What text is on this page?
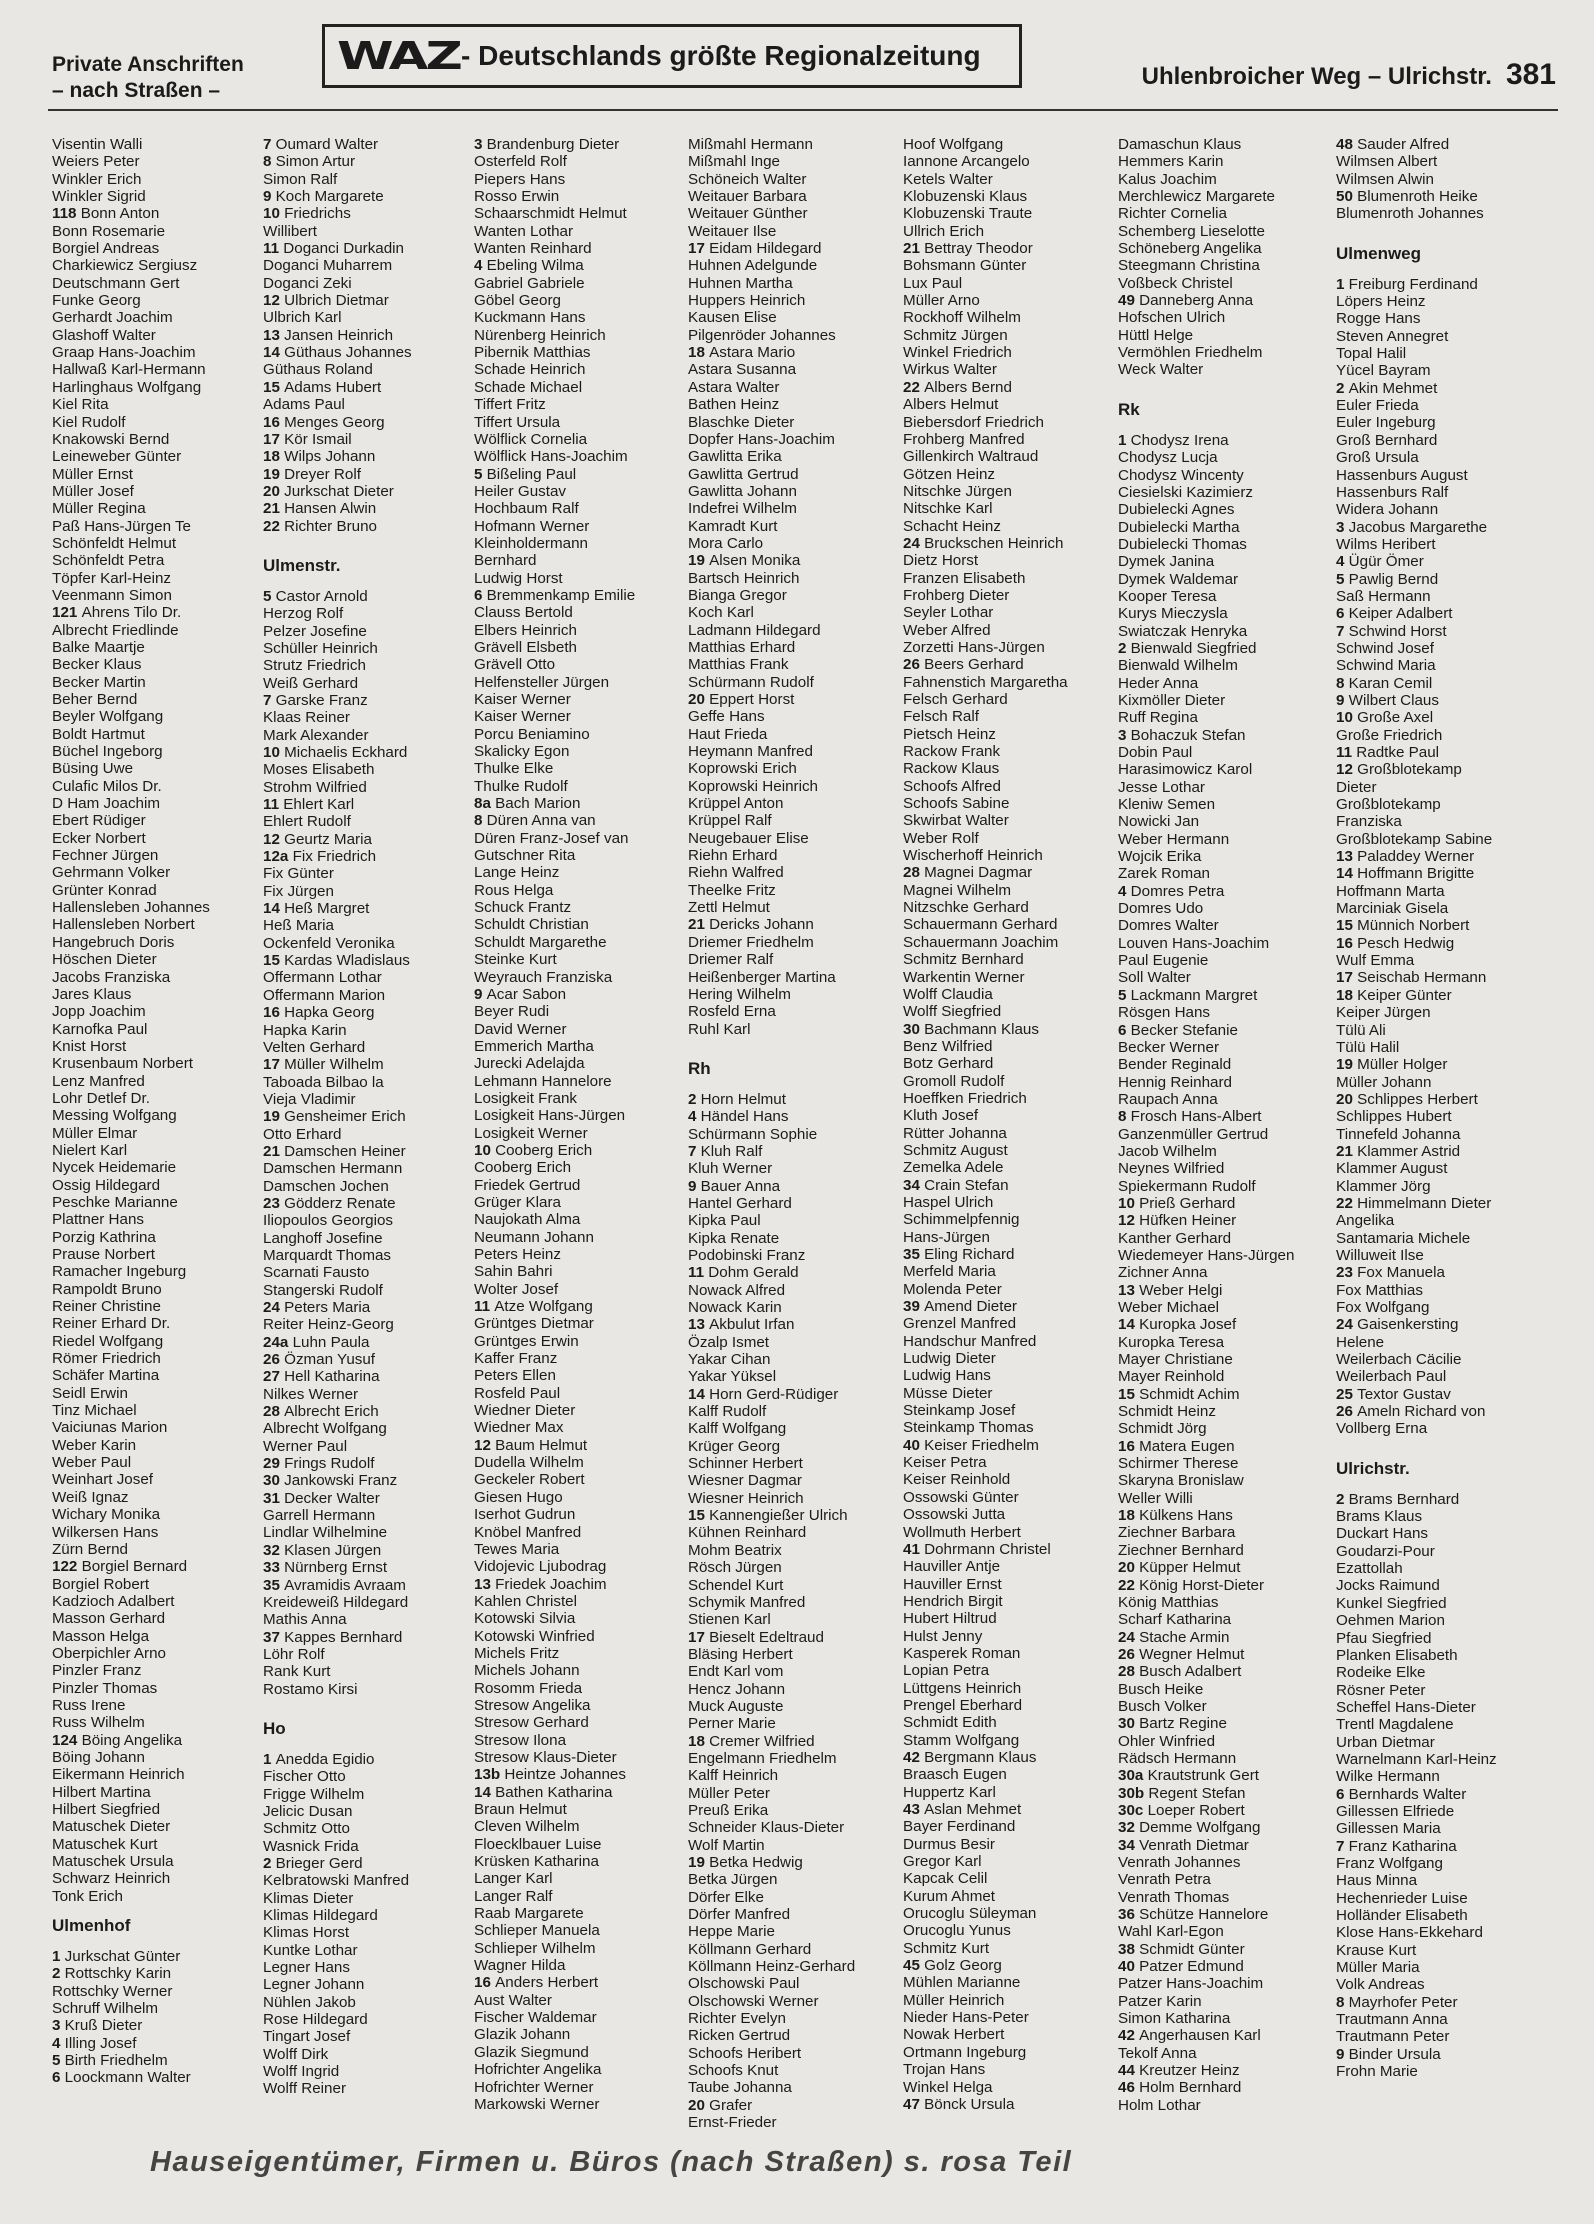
Private Anschriften
– nach Straßen –
WAZ - Deutschlands größte Regionalzeitung
Uhlenbroicher Weg – Ulrichstr. 381
Visentin Walli
Weiers Peter
Winkler Erich
Winkler Sigrid
118 Bonn Anton
Bonn Rosemarie
Borgiel Andreas
Charkiewicz Sergiusz
Deutschmann Gert
Funke Georg
Gerhardt Joachim
Glashoff Walter
Graap Hans-Joachim
Hallwaß Karl-Hermann
Harlinghaus Wolfgang
Kiel Rita
Kiel Rudolf
Knakowski Bernd
Leineweber Günter
Müller Ernst
Müller Josef
Müller Regina
Paß Hans-Jürgen Te
Schönfeldt Helmut
Schönfeldt Petra
Töpfer Karl-Heinz
Veenmann Simon
121 Ahrens Tilo Dr.
Albrecht Friedlinde
Balke Maartje
Becker Klaus
Becker Martin
Beher Bernd
Beyler Wolfgang
Boldt Hartmut
Büchel Ingeborg
Büsing Uwe
Culafic Milos Dr.
D Ham Joachim
Ebert Rüdiger
Ecker Norbert
Fechner Jürgen
Gehrmann Volker
Grünter Konrad
Hallensleben Johannes
Hallensleben Norbert
Hangebruch Doris
Höschen Dieter
Jacobs Franziska
Jares Klaus
Jopp Joachim
Karnofka Paul
Knist Horst
Krusenbaum Norbert
Lenz Manfred
Lohr Detlef Dr.
Messing Wolfgang
Müller Elmar
Nielert Karl
Nycek Heidemarie
Ossig Hildegard
Peschke Marianne
Plattner Hans
Porzig Kathrina
Prause Norbert
Ramacher Ingeburg
Rampoldt Bruno
Reiner Christine
Reiner Erhard Dr.
Riedel Wolfgang
Römer Friedrich
Schäfer Martina
Seidl Erwin
Tinz Michael
Vaiciunas Marion
Weber Karin
Weber Paul
Weinhart Josef
Weiß Ignaz
Wichary Monika
Wilkersen Hans
Zürn Bernd
122 Borgiel Bernard
Borgiel Robert
Kadzioch Adalbert
Masson Gerhard
Masson Helga
Oberpichler Arno
Pinzler Franz
Pinzler Thomas
Russ Irene
Russ Wilhelm
124 Böing Angelika
Böing Johann
Eikermann Heinrich
Hilbert Martina
Hilbert Siegfried
Matuschek Dieter
Matuschek Kurt
Matuschek Ursula
Schwarz Heinrich
Tonk Erich
Ulmenhof
1 Jurkschat Günter
2 Rottschky Karin
Rottschky Werner
Schruff Wilhelm
3 Kruß Dieter
4 Illing Josef
5 Birth Friedhelm
6 Loockmann Walter
7 Oumard Walter
8 Simon Artur
Simon Ralf
9 Koch Margarete
10 Friedrichs
Willibert
11 Doganci Durkadin
Doganci Muharrem
Doganci Zeki
12 Ulbrich Dietmar
Ulbrich Karl
13 Jansen Heinrich
14 Güthaus Johannes
Güthaus Roland
15 Adams Hubert
Adams Paul
16 Menges Georg
17 Kör Ismail
18 Wilps Johann
19 Dreyer Rolf
20 Jurkschat Dieter
21 Hansen Alwin
22 Richter Bruno
Ulmenstr.
5 Castor Arnold
Herzog Rolf
Pelzer Josefine
Schüller Heinrich
Strutz Friedrich
Weiß Gerhard
7 Garske Franz
Klaas Reiner
Mark Alexander
10 Michaelis Eckhard
Moses Elisabeth
Strohm Wilfried
11 Ehlert Karl
Ehlert Rudolf
12 Geurtz Maria
12a Fix Friedrich
Fix Günter
Fix Jürgen
14 Heß Margret
Heß Maria
Ockenfeld Veronika
15 Kardas Wladislaus
Offermann Lothar
Offermann Marion
16 Hapka Georg
Hapka Karin
Velten Gerhard
17 Müller Wilhelm
Taboada Bilbao la
Vieja Vladimir
19 Gensheimer Erich
Otto Erhard
21 Damschen Heiner
Damschen Hermann
Damschen Jochen
23 Gödderz Renate
Iliopoulos Georgios
Langhoff Josefine
Marquardt Thomas
Scarnati Fausto
Stangerski Rudolf
24 Peters Maria
Reiter Heinz-Georg
24a Luhn Paula
26 Özman Yusuf
27 Hell Katharina
Nilkes Werner
28 Albrecht Erich
Albrecht Wolfgang
Werner Paul
29 Frings Rudolf
30 Jankowski Franz
31 Decker Walter
Garrell Hermann
Lindlar Wilhelmine
32 Klasen Jürgen
33 Nürnberg Ernst
35 Avramidis Avraam
Kreideweiß Hildegard
Mathis Anna
37 Kappes Bernhard
Löhr Rolf
Rank Kurt
Rostamo Kirsi
Ho
1 Anedda Egidio
Fischer Otto
Frigge Wilhelm
Jelicic Dusan
Schmitz Otto
Wasnick Frida
2 Brieger Gerd
Kelbratowski Manfred
Klimas Dieter
Klimas Hildegard
Klimas Horst
Kuntke Lothar
Legner Hans
Legner Johann
Nühlen Jakob
Rose Hildegard
Tingart Josef
Wolff Dirk
Wolff Ingrid
Wolff Reiner
3 Brandenburg Dieter
Osterfeld Rolf
Piepers Hans
Rosso Erwin
Schaarschmidt Helmut
Wanten Lothar
Wanten Reinhard
4 Ebeling Wilma
Gabriel Gabriele
Göbel Georg
Kuckmann Hans
Nürenberg Heinrich
Pibernik Matthias
Schade Heinrich
Schade Michael
Tiffert Fritz
Tiffert Ursula
Wölflick Cornelia
Wölflick Hans-Joachim
5 Bißeling Paul
Heiler Gustav
Hochbaum Ralf
Hofmann Werner
Kleinholdermann
Bernhard
Ludwig Horst
6 Bremmenkamp Emilie
Clauss Bertold
Elbers Heinrich
Grävell Elsbeth
Grävell Otto
Helfensteller Jürgen
Kaiser Werner
Kaiser Werner
Porcu Beniamino
Skalicky Egon
Thulke Elke
Thulke Rudolf
8a Bach Marion
8 Düren Anna van
Düren Franz-Josef van
Gutschner Rita
Lange Heinz
Rous Helga
Schuck Frantz
Schuldt Christian
Schuldt Margarethe
Steinke Kurt
Weyrauch Franziska
9 Acar Sabon
Beyer Rudi
David Werner
Emmerich Martha
Jurecki Adelajda
Lehmann Hannelore
Losigkeit Frank
Losigkeit Hans-Jürgen
Losigkeit Werner
10 Cooberg Erich
Cooberg Erich
Friedek Gertrud
Grüger Klara
Naujokath Alma
Neumann Johann
Peters Heinz
Sahin Bahri
Wolter Josef
11 Atze Wolfgang
Grüntges Dietmar
Grüntges Erwin
Kaffer Franz
Peters Ellen
Rosfeld Paul
Wiedner Dieter
Wiedner Max
12 Baum Helmut
Dudella Wilhelm
Geckeler Robert
Giesen Hugo
Iserhot Gudrun
Knöbel Manfred
Tewes Maria
Vidojevic Ljubodrag
13 Friedek Joachim
Kahlen Christel
Kotowski Silvia
Kotowski Winfried
Michels Fritz
Michels Johann
Rosomm Frieda
Stresow Angelika
Stresow Gerhard
Stresow Ilona
Stresow Klaus-Dieter
13b Heintze Johannes
14 Bathen Katharina
Braun Helmut
Cleven Wilhelm
Floecklbauer Luise
Krüsken Katharina
Langer Karl
Langer Ralf
Raab Margarete
Schlieper Manuela
Schlieper Wilhelm
Wagner Hilda
16 Anders Herbert
Aust Walter
Fischer Waldemar
Glazik Johann
Glazik Siegmund
Hofrichter Angelika
Hofrichter Werner
Markowski Werner
Mißmahl Hermann
Mißmahl Inge
Schöneich Walter
Weitauer Barbara
Weitauer Günther
Weitauer Ilse
17 Eidam Hildegard
Huhnen Adelgunde
Huhnen Martha
Huppers Heinrich
Kausen Elise
Pilgenröder Johannes
18 Astara Mario
Astara Susanna
Astara Walter
Bathen Heinz
Blaschke Dieter
Dopfer Hans-Joachim
Gawlitta Erika
Gawlitta Gertrud
Gawlitta Johann
Indefrei Wilhelm
Kamradt Kurt
Mora Carlo
19 Alsen Monika
Bartsch Heinrich
Bianga Gregor
Koch Karl
Ladmann Hildegard
Matthias Erhard
Matthias Frank
Schürmann Rudolf
20 Eppert Horst
Geffe Hans
Haut Frieda
Heymann Manfred
Koprowski Erich
Koprowski Heinrich
Krüppel Anton
Krüppel Ralf
Neugebauer Elise
Riehn Erhard
Riehn Walfred
Theelke Fritz
Zettl Helmut
21 Dericks Johann
Driemer Friedhelm
Driemer Ralf
Heißenberger Martina
Hering Wilhelm
Rosfeld Erna
Ruhl Karl
Rh
2 Horn Helmut
4 Händel Hans
Schürmann Sophie
7 Kluh Ralf
Kluh Werner
9 Bauer Anna
Hantel Gerhard
Kipka Paul
Kipka Renate
Podobinski Franz
11 Dohm Gerald
Nowack Alfred
Nowack Karin
13 Akbulut Irfan
Özalp Ismet
Yakar Cihan
Yakar Yüksel
14 Horn Gerd-Rüdiger
Kalff Rudolf
Kalff Wolfgang
Krüger Georg
Schinner Herbert
Wiesner Dagmar
Wiesner Heinrich
15 Kannengießer Ulrich
Kühnen Reinhard
Mohm Beatrix
Rösch Jürgen
Schendel Kurt
Schymik Manfred
Stienen Karl
17 Bieselt Edeltraud
Bläsing Herbert
Endt Karl vom
Hencz Johann
Muck Auguste
Perner Marie
18 Cremer Wilfried
Engelmann Friedhelm
Kalff Heinrich
Müller Peter
Preuß Erika
Schneider Klaus-Dieter
Wolf Martin
19 Betka Hedwig
Betka Jürgen
Dörfer Elke
Dörfer Manfred
Heppe Marie
Köllmann Gerhard
Köllmann Heinz-Gerhard
Olschowski Paul
Olschowski Werner
Richter Evelyn
Ricken Gertrud
Schoofs Heribert
Schoofs Knut
Taube Johanna
20 Grafer
Ernst-Frieder
Hoof Wolfgang
Iannone Arcangelo
Ketels Walter
Klobuzenski Klaus
Klobuzenski Traute
Ullrich Erich
21 Bettray Theodor
Bohsmann Günter
Lux Paul
Müller Arno
Rockhoff Wilhelm
Schmitz Jürgen
Winkel Friedrich
Wirkus Walter
22 Albers Bernd
Albers Helmut
Biebersdorf Friedrich
Frohberg Manfred
Gillenkirch Waltraud
Götzen Heinz
Nitschke Jürgen
Nitschke Karl
Schacht Heinz
24 Bruckschen Heinrich
Dietz Horst
Franzen Elisabeth
Frohberg Dieter
Seyler Lothar
Weber Alfred
Zorzetti Hans-Jürgen
26 Beers Gerhard
Fahnenstich Margaretha
Felsch Gerhard
Felsch Ralf
Pietsch Heinz
Rackow Frank
Rackow Klaus
Schoofs Alfred
Schoofs Sabine
Skwirbat Walter
Weber Rolf
Wischerhoff Heinrich
28 Magnei Dagmar
Magnei Wilhelm
Nitzschke Gerhard
Schauermann Gerhard
Schauermann Joachim
Schmitz Bernhard
Warkentin Werner
Wolff Claudia
Wolff Siegfried
30 Bachmann Klaus
Benz Wilfried
Botz Gerhard
Gromoll Rudolf
Hoeffken Friedrich
Kluth Josef
Rütter Johanna
Schmitz August
Zemelka Adele
34 Crain Stefan
Haspel Ulrich
Schimmelpfennig
Hans-Jürgen
35 Eling Richard
Merfeld Maria
Molenda Peter
39 Amend Dieter
Grenzel Manfred
Handschur Manfred
Ludwig Dieter
Ludwig Hans
Müsse Dieter
Steinkamp Josef
Steinkamp Thomas
40 Keiser Friedhelm
Keiser Petra
Keiser Reinhold
Ossowski Günter
Ossowski Jutta
Wollmuth Herbert
41 Dohrmann Christel
Hauviller Antje
Hauviller Ernst
Hendrich Birgit
Hubert Hiltrud
Hulst Jenny
Kasperek Roman
Lopian Petra
Lüttgens Heinrich
Prengel Eberhard
Schmidt Edith
Stamm Wolfgang
42 Bergmann Klaus
Braasch Eugen
Huppertz Karl
43 Aslan Mehmet
Bayer Ferdinand
Durmus Besir
Gregor Karl
Kapcak Celil
Kurum Ahmet
Orucoglu Süleyman
Orucoglu Yunus
Schmitz Kurt
45 Golz Georg
Mühlen Marianne
Müller Heinrich
Nieder Hans-Peter
Nowak Herbert
Ortmann Ingeburg
Trojan Hans
Winkel Helga
47 Bönck Ursula
Damaschun Klaus
Hemmers Karin
Kalus Joachim
Merchlewicz Margarete
Richter Cornelia
Schemberg Lieselotte
Schöneberg Angelika
Steegmann Christina
Voßbeck Christel
49 Danneberg Anna
Hofschen Ulrich
Hüttl Helge
Vermöhlen Friedhelm
Weck Walter
Rk
1 Chodysz Irena
Chodysz Lucja
Chodysz Wincenty
Ciesielski Kazimierz
Dubielecki Agnes
Dubielecki Martha
Dubielecki Thomas
Dymek Janina
Dymek Waldemar
Kooper Teresa
Kurys Mieczysla
Swiatczak Henryka
2 Bienwald Siegfried
Bienwald Wilhelm
Heder Anna
Kixmöller Dieter
Ruff Regina
3 Bohaczuk Stefan
Dobin Paul
Harasimowicz Karol
Jesse Lothar
Kleniw Semen
Nowicki Jan
Weber Hermann
Wojcik Erika
Zarek Roman
4 Domres Petra
Domres Udo
Domres Walter
Louven Hans-Joachim
Paul Eugenie
Soll Walter
5 Lackmann Margret
Rösgen Hans
6 Becker Stefanie
Becker Werner
Bender Reginald
Hennig Reinhard
Raupach Anna
8 Frosch Hans-Albert
Ganzenmüller Gertrud
Jacob Wilhelm
Neynes Wilfried
Spiekermann Rudolf
10 Prieß Gerhard
12 Hüfken Heiner
Kanther Gerhard
Wiedemeyer Hans-Jürgen
Zichner Anna
13 Weber Helgi
Weber Michael
14 Kuropka Josef
Kuropka Teresa
Mayer Christiane
Mayer Reinhold
15 Schmidt Achim
Schmidt Heinz
Schmidt Jörg
16 Matera Eugen
Schirmer Therese
Skaryna Bronislaw
Weller Willi
18 Külkens Hans
Ziechner Barbara
Ziechner Bernhard
20 Küpper Helmut
22 König Horst-Dieter
König Matthias
Scharf Katharina
24 Stache Armin
26 Wegner Helmut
28 Busch Adalbert
Busch Heike
Busch Volker
30 Bartz Regine
Ohler Winfried
Rädsch Hermann
30a Krautstrunk Gert
30b Regent Stefan
30c Loeper Robert
32 Demme Wolfgang
34 Venrath Dietmar
Venrath Johannes
Venrath Petra
Venrath Thomas
36 Schütze Hannelore
Wahl Karl-Egon
38 Schmidt Günter
40 Patzer Edmund
Patzer Hans-Joachim
Patzer Karin
Simon Katharina
42 Angerhausen Karl
Tekolf Anna
44 Kreutzer Heinz
46 Holm Bernhard
Holm Lothar
48 Sauder Alfred
Wilmsen Albert
Wilmsen Alwin
50 Blumenroth Heike
Blumenroth Johannes
Ulmenweg
1 Freiburg Ferdinand
Löpers Heinz
Rogge Hans
Steven Annegret
Topal Halil
Yücel Bayram
2 Akin Mehmet
Euler Frieda
Euler Ingeburg
Groß Bernhard
Groß Ursula
Hassenburs August
Hassenburs Ralf
Widera Johann
3 Jacobus Margarethe
Wilms Heribert
4 Ügür Ömer
5 Pawlig Bernd
Saß Hermann
6 Keiper Adalbert
7 Schwind Horst
Schwind Josef
Schwind Maria
8 Karan Cemil
9 Wilbert Claus
10 Große Axel
Große Friedrich
11 Radtke Paul
12 Großblotekamp
Dieter
Großblotekamp
Franziska
Großblotekamp Sabine
13 Paladdey Werner
14 Hoffmann Brigitte
Hoffmann Marta
Marciniak Gisela
15 Münnich Norbert
16 Pesch Hedwig
Wulf Emma
17 Seischab Hermann
18 Keiper Günter
Keiper Jürgen
Tülü Ali
Tülü Halil
19 Müller Holger
Müller Johann
20 Schlippes Herbert
Schlippes Hubert
Tinnefeld Johanna
21 Klammer Astrid
Klammer August
Klammer Jörg
22 Himmelmann Dieter
Angelika
Santamaria Michele
Willuweit Ilse
23 Fox Manuela
Fox Matthias
Fox Wolfgang
24 Gaisenkersting
Helene
Weilerbach Cäcilie
Weilerbach Paul
25 Textor Gustav
26 Ameln Richard von
Vollberg Erna
Ulrichstr.
2 Brams Bernhard
Brams Klaus
Duckart Hans
Goudarzi-Pour
Ezattollah
Jocks Raimund
Kunkel Siegfried
Oehmen Marion
Pfau Siegfried
Planken Elisabeth
Rodeike Elke
Rösner Peter
Scheffel Hans-Dieter
Trentl Magdalene
Urban Dietmar
Warnelmann Karl-Heinz
Wilke Hermann
6 Bernhards Walter
Gillessen Elfriede
Gillessen Maria
7 Franz Katharina
Franz Wolfgang
Haus Minna
Hechenrieder Luise
Holländer Elisabeth
Klose Hans-Ekkehard
Krause Kurt
Müller Maria
Volk Andreas
8 Mayrhofer Peter
Trautmann Anna
Trautmann Peter
9 Binder Ursula
Frohn Marie
Hauseigentümer, Firmen u. Büros (nach Straßen) s. rosa Teil
